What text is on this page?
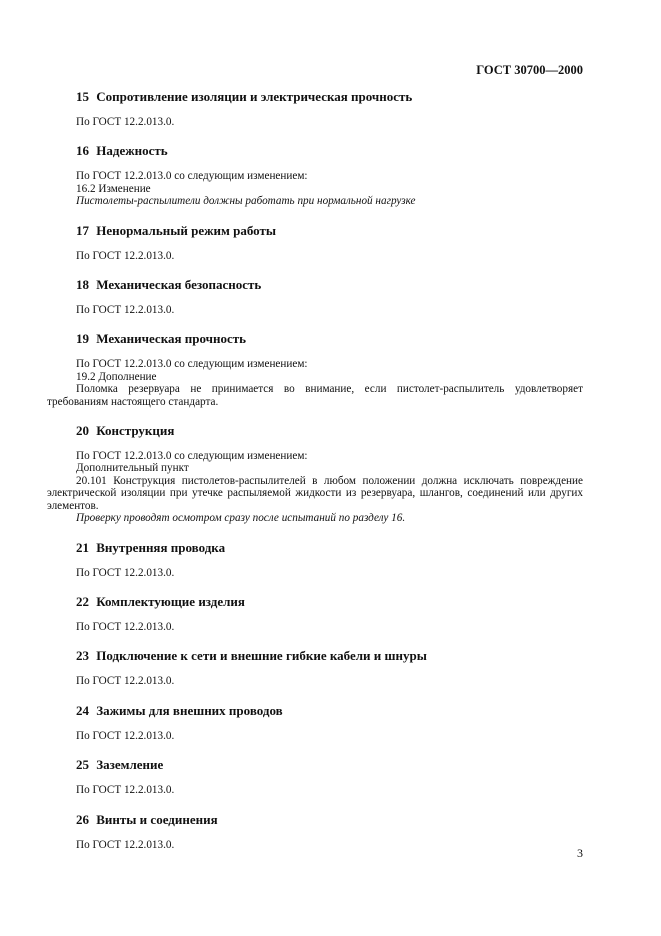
ГОСТ 30700—2000
15 Сопротивление изоляции и электрическая прочность
По ГОСТ 12.2.013.0.
16 Надежность
По ГОСТ 12.2.013.0 со следующим изменением:
16.2 Изменение
Пистолеты-распылители должны работать при нормальной нагрузке
17 Ненормальный режим работы
По ГОСТ 12.2.013.0.
18 Механическая безопасность
По ГОСТ 12.2.013.0.
19 Механическая прочность
По ГОСТ 12.2.013.0 со следующим изменением:
19.2 Дополнение
Поломка резервуара не принимается во внимание, если пистолет-распылитель удовлетворяет требованиям настоящего стандарта.
20 Конструкция
По ГОСТ 12.2.013.0 со следующим изменением:
Дополнительный пункт
20.101 Конструкция пистолетов-распылителей в любом положении должна исключать повреждение электрической изоляции при утечке распыляемой жидкости из резервуара, шлангов, соединений или других элементов.
Проверку проводят осмотром сразу после испытаний по разделу 16.
21 Внутренняя проводка
По ГОСТ 12.2.013.0.
22 Комплектующие изделия
По ГОСТ 12.2.013.0.
23 Подключение к сети и внешние гибкие кабели и шнуры
По ГОСТ 12.2.013.0.
24 Зажимы для внешних проводов
По ГОСТ 12.2.013.0.
25 Заземление
По ГОСТ 12.2.013.0.
26 Винты и соединения
По ГОСТ 12.2.013.0.
3
